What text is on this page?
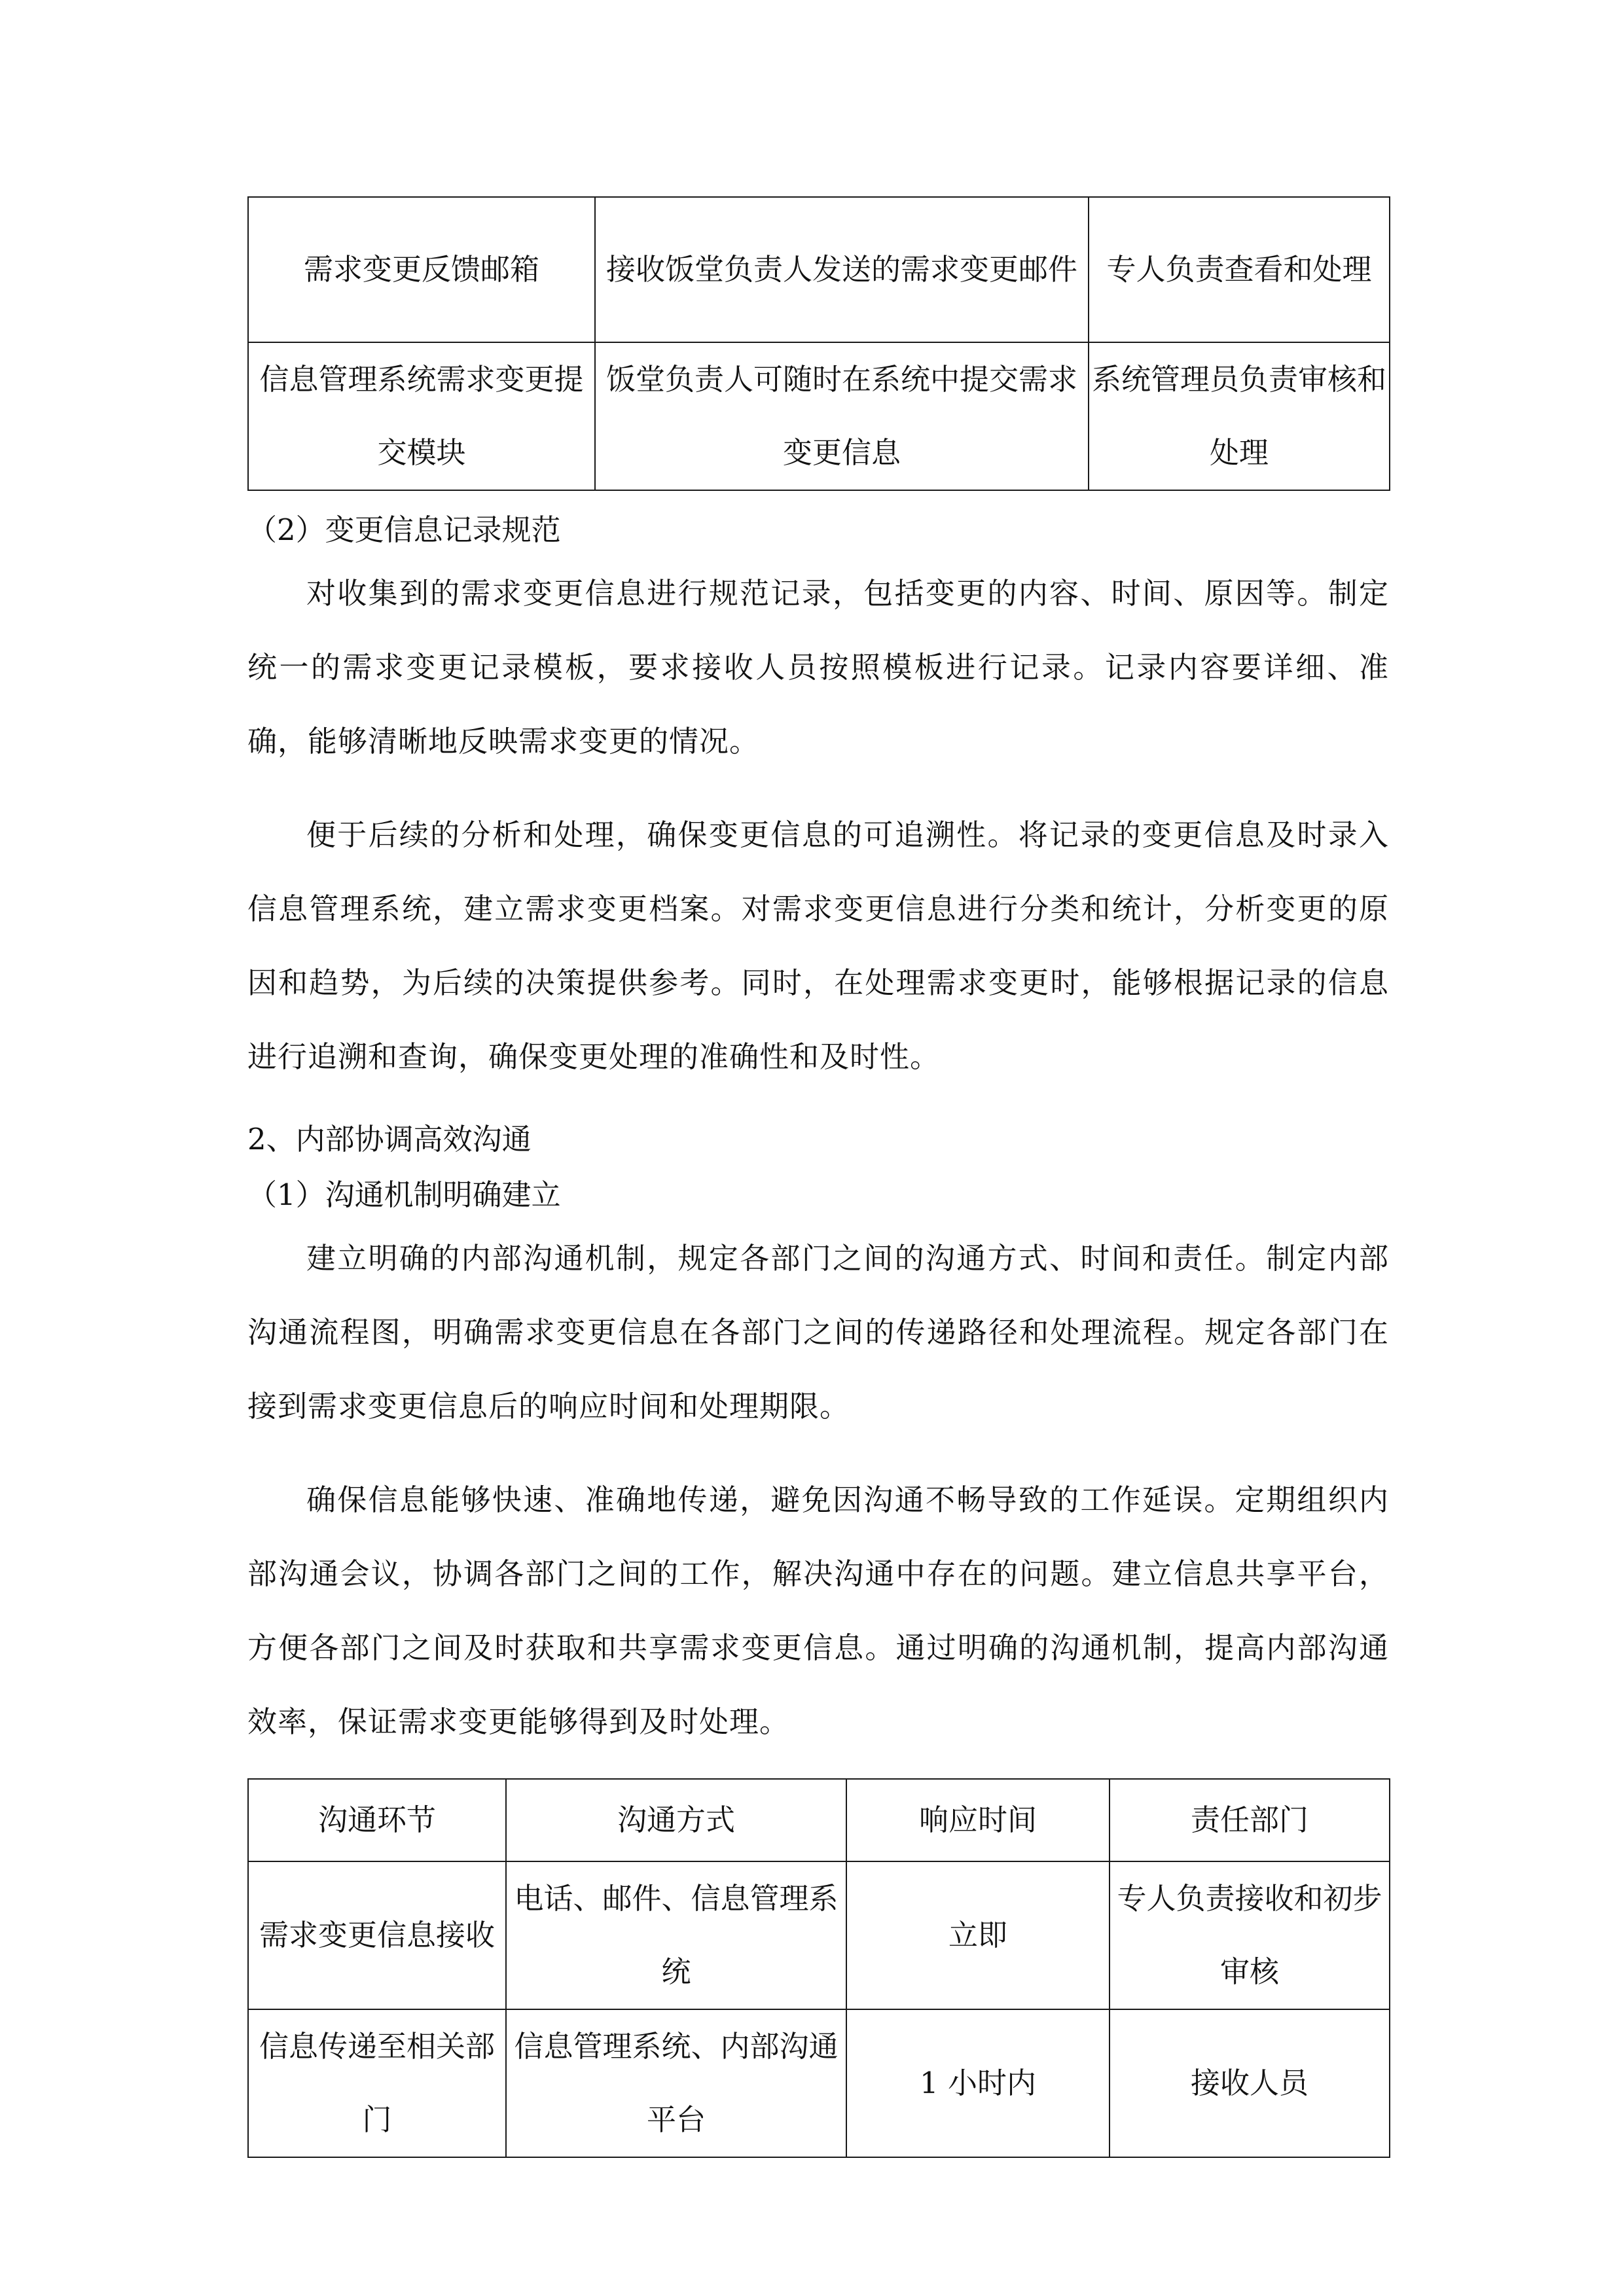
需求变更反馈邮箱	接收饭堂负责人发送的需求变更邮件	专人负责查看和处理
信息管理系统需求变更提交模块	饭堂负责人可随时在系统中提交需求变更信息	系统管理员负责审核和处理

（2）变更信息记录规范

对收集到的需求变更信息进行规范记录，包括变更的内容、时间、原因等。制定统一的需求变更记录模板，要求接收人员按照模板进行记录。记录内容要详细、准确，能够清晰地反映需求变更的情况。

便于后续的分析和处理，确保变更信息的可追溯性。将记录的变更信息及时录入信息管理系统，建立需求变更档案。对需求变更信息进行分类和统计，分析变更的原因和趋势，为后续的决策提供参考。同时，在处理需求变更时，能够根据记录的信息进行追溯和查询，确保变更处理的准确性和及时性。

2、内部协调高效沟通

（1）沟通机制明确建立

建立明确的内部沟通机制，规定各部门之间的沟通方式、时间和责任。制定内部沟通流程图，明确需求变更信息在各部门之间的传递路径和处理流程。规定各部门在接到需求变更信息后的响应时间和处理期限。

确保信息能够快速、准确地传递，避免因沟通不畅导致的工作延误。定期组织内部沟通会议，协调各部门之间的工作，解决沟通中存在的问题。建立信息共享平台，方便各部门之间及时获取和共享需求变更信息。通过明确的沟通机制，提高内部沟通效率，保证需求变更能够得到及时处理。

沟通环节	沟通方式	响应时间	责任部门
需求变更信息接收	电话、邮件、信息管理系统	立即	专人负责接收和初步审核
信息传递至相关部门	信息管理系统、内部沟通平台	1 小时内	接收人员
